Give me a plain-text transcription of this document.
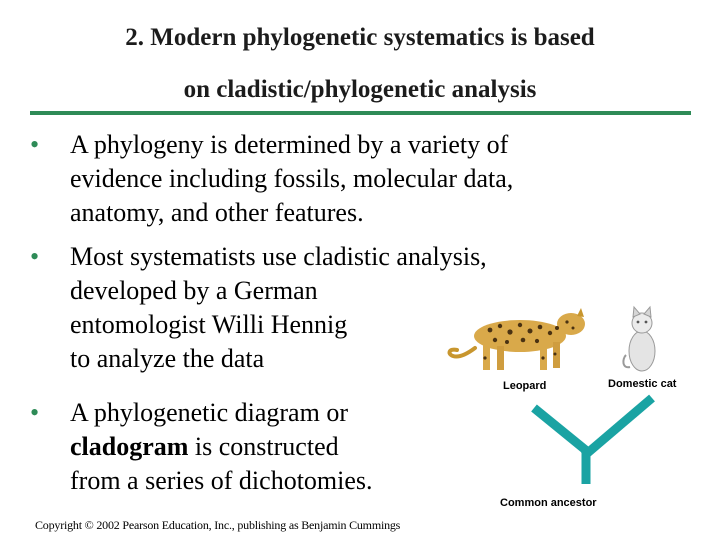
2. Modern phylogenetic systematics is based
on cladistic/phylogenetic analysis
•	A phylogeny is determined by a variety of
evidence including fossils, molecular data,
anatomy, and other features.
•	Most systematists use cladistic analysis,
developed by a German
entomologist Willi Hennig
to analyze the data
•	A phylogenetic diagram or
cladogram is constructed
from a series of dichotomies.
Copyright © 2002 Pearson Education, Inc., publishing as Benjamin Cummings
Leopard	Domestic cat
Common ancestor
